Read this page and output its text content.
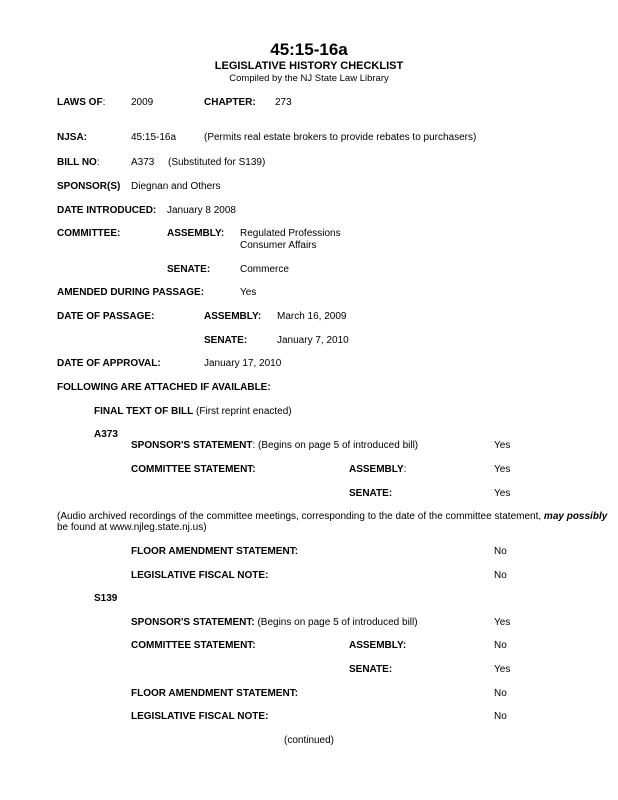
45:15-16a
LEGISLATIVE HISTORY CHECKLIST
Compiled by the NJ State Law Library
LAWS OF:	2009	CHAPTER: 273
NJSA:	45:15-16a	(Permits real estate brokers to provide rebates to purchasers)
BILL NO:	A373 (Substituted for S139)
SPONSOR(S) Diegnan and Others
DATE INTRODUCED: January 8 2008
COMMITTEE:	ASSEMBLY: Regulated Professions
Consumer Affairs
SENATE:	Commerce
AMENDED DURING PASSAGE:	Yes
DATE OF PASSAGE:	ASSEMBLY: March 16, 2009
SENATE:	January 7, 2010
DATE OF APPROVAL:	January 17, 2010
FOLLOWING ARE ATTACHED IF AVAILABLE:
FINAL TEXT OF BILL (First reprint enacted)
A373
SPONSOR'S STATEMENT: (Begins on page 5 of introduced bill)	Yes
COMMITTEE STATEMENT:	ASSEMBLY:	Yes
SENATE:	Yes
(Audio archived recordings of the committee meetings, corresponding to the date of the committee statement, may possibly
be found at www.njleg.state.nj.us)
FLOOR AMENDMENT STATEMENT:	No
LEGISLATIVE FISCAL NOTE:	No
S139
SPONSOR'S STATEMENT: (Begins on page 5 of introduced bill)	Yes
COMMITTEE STATEMENT:	ASSEMBLY:	No
SENATE:	Yes
FLOOR AMENDMENT STATEMENT:	No
LEGISLATIVE FISCAL NOTE:	No
(continued)
